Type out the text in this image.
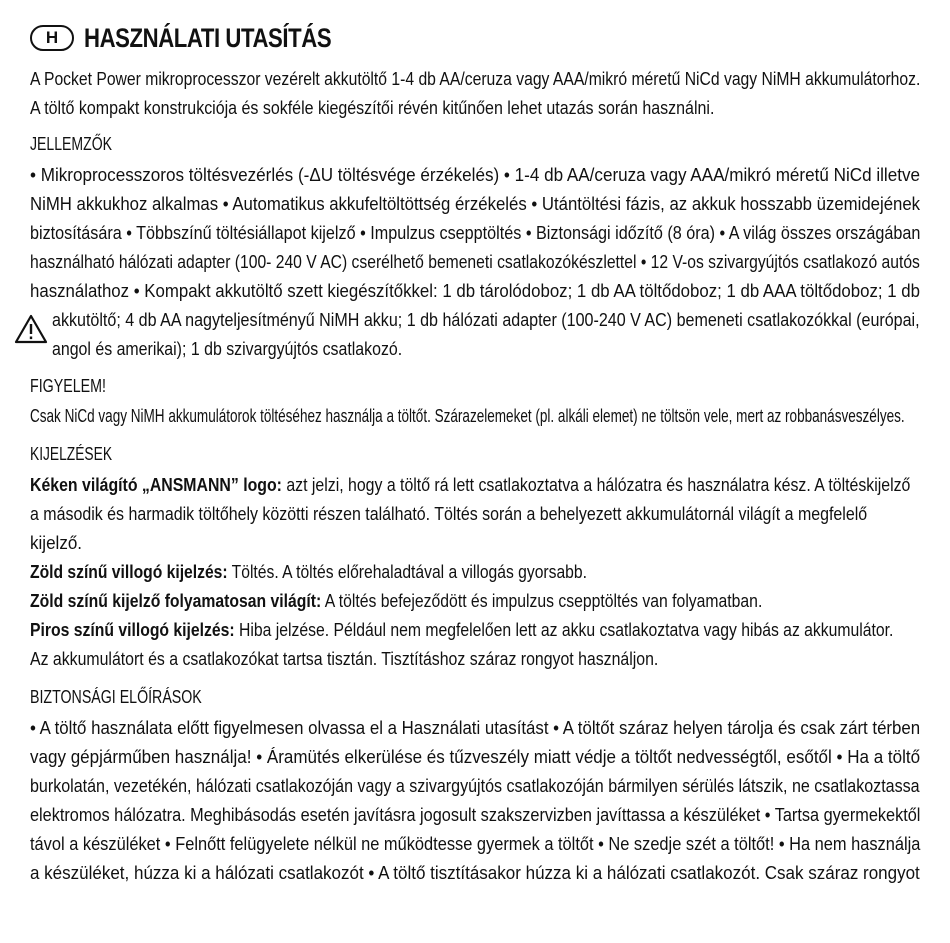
H HASZNÁLATI UTASÍTÁS
A Pocket Power mikroprocesszor vezérelt akkutöltő 1-4 db AA/ceruza vagy AAA/mikró méretű NiCd vagy NiMH akkumulátorhoz.
A töltő kompakt konstrukciója és sokféle kiegészítői révén kitűnően lehet utazás során használni.
JELLEMZŐK
• Mikroprocesszoros töltésvezérlés (-ΔU töltésvége érzékelés) • 1-4 db AA/ceruza vagy AAA/mikró méretű NiCd illetve
NiMH akkukhoz alkalmas • Automatikus akkufeltöltöttség érzékelés • Utántöltési fázis, az akkuk hosszabb üzemidejének
biztosítására • Többszínű töltésiállapot kijelző • Impulzus csepptöltés • Biztonsági időzítő (8 óra) • A világ összes országában
használható hálózati adapter (100- 240 V AC) cserélhető bemeneti csatlakozókészlettel • 12 V-os szivargyújtós csatlakozó autós
használathoz • Kompakt akkutöltő szett kiegészítőkkel: 1 db tárolódoboz; 1 db AA töltődoboz; 1 db AAA töltődoboz; 1 db
akkutöltő; 4 db AA nagyteljesítményű NiMH akku; 1 db hálózati adapter (100-240 V AC) bemeneti csatlakozókkal (európai,
angol és amerikai); 1 db szivargyújtós csatlakozó.
FIGYELEM!
Csak NiCd vagy NiMH akkumulátorok töltéséhez használja a töltőt. Szárazelemeket (pl. alkáli elemet) ne töltsön vele, mert az robbanásveszélyes.
KIJELZÉSEK
Kéken világító „ANSMANN” logo: azt jelzi, hogy a töltő rá lett csatlakoztatva a hálózatra és használatra kész. A töltéskijelző
a második és harmadik töltőhely közötti részen található. Töltés során a behelyezett akkumulátornál világít a megfelelő
kijelző.
Zöld színű villogó kijelzés: Töltés. A töltés előrehaladtával a villogás gyorsabb.
Zöld színű kijelző folyamatosan világít: A töltés befejeződött és impulzus csepptöltés van folyamatban.
Piros színű villogó kijelzés: Hiba jelzése. Például nem megfelelően lett az akku csatlakoztatva vagy hibás az akkumulátor.
Az akkumulátort és a csatlakozókat tartsa tisztán. Tisztításhoz száraz rongyot használjon.
BIZTONSÁGI ELŐÍRÁSOK
• A töltő használata előtt figyelmesen olvassa el a Használati utasítást • A töltőt száraz helyen tárolja és csak zárt térben
vagy gépjárműben használja! • Áramütés elkerülése és tűzveszély miatt védje a töltőt nedvességtől, esőtől • Ha a töltő
burkolatán, vezetékén, hálózati csatlakozóján vagy a szivargyújtós csatlakozóján bármilyen sérülés látszik, ne csatlakoztassa
elektromos hálózatra. Meghibásodás esetén javításra jogosult szakszervizben javíttassa a készüléket • Tartsa gyermekektől
távol a készüléket • Felnőtt felügyelete nélkül ne működtesse gyermek a töltőt • Ne szedje szét a töltőt! • Ha nem használja
a készüléket, húzza ki a hálózati csatlakozót • A töltő tisztításakor húzza ki a hálózati csatlakozót. Csak száraz rongyot
